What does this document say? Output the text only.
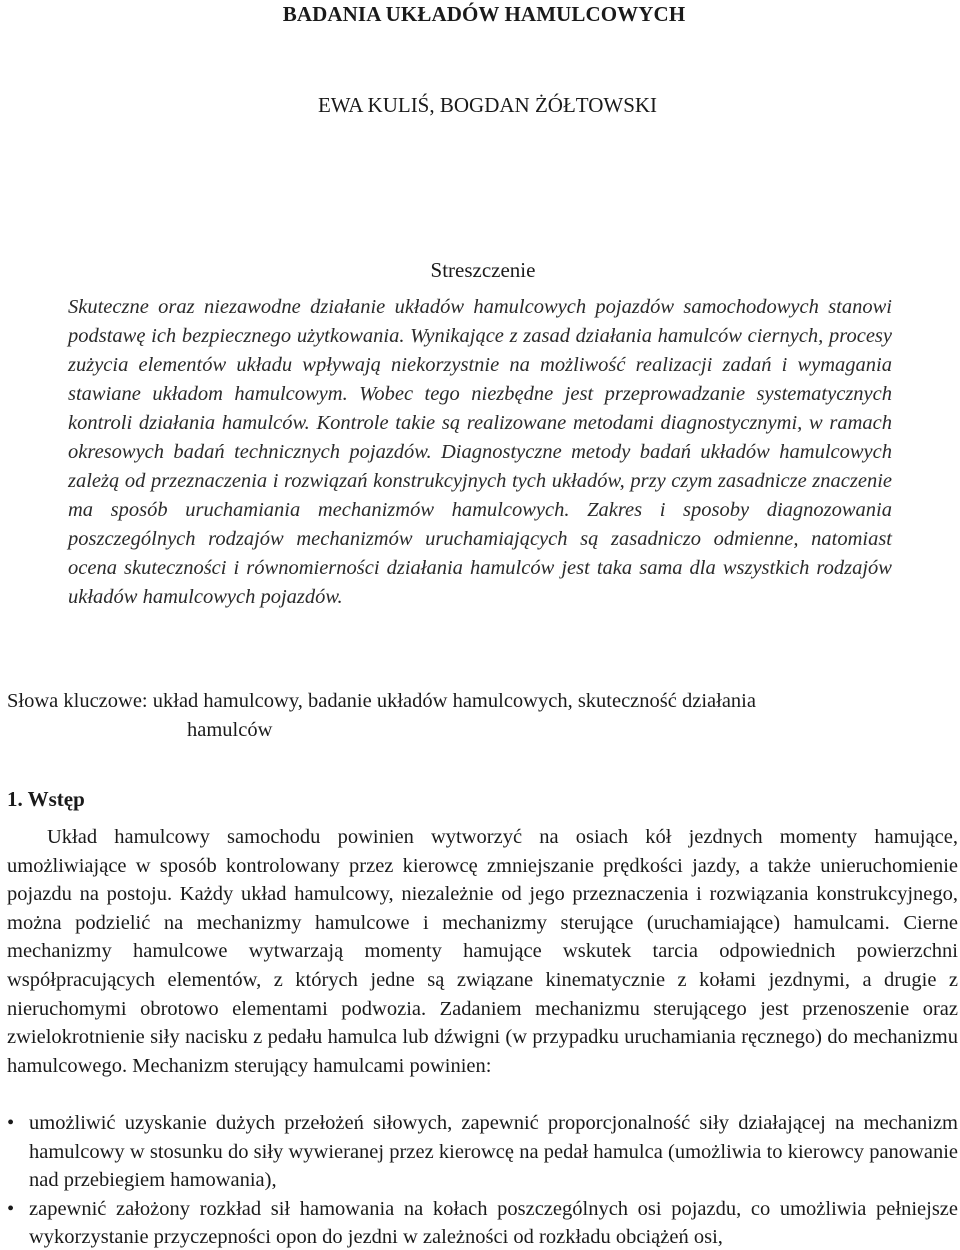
BADANIA UKŁADÓW HAMULCOWYCH

EWA KULIŚ, BOGDAN ŻÓŁTOWSKI

Streszczenie

Skuteczne oraz niezawodne działanie układów hamulcowych pojazdów samochodowych stanowi podstawę ich bezpiecznego użytkowania. Wynikające z zasad działania hamulców ciernych, procesy zużycia elementów układu wpływają niekorzystnie na możliwość realizacji zadań i wymagania stawiane układom hamulcowym. Wobec tego niezbędne jest przeprowadzanie systematycznych kontroli działania hamulców. Kontrole takie są realizowane metodami diagnostycznymi, w ramach okresowych badań technicznych pojazdów. Diagnostyczne metody badań układów hamulcowych zależą od przeznaczenia i rozwiązań konstrukcyjnych tych układów, przy czym zasadnicze znaczenie ma sposób uruchamiania mechanizmów hamulcowych. Zakres i sposoby diagnozowania poszczególnych rodzajów mechanizmów uruchamiających są zasadniczo odmienne, natomiast ocena skuteczności i równomierności działania hamulców jest taka sama dla wszystkich rodzajów układów hamulcowych pojazdów.

Słowa kluczowe: układ hamulcowy, badanie układów hamulcowych, skuteczność działania
hamulców

1. Wstęp

Układ hamulcowy samochodu powinien wytworzyć na osiach kół jezdnych momenty hamujące, umożliwiające w sposób kontrolowany przez kierowcę zmniejszanie prędkości jazdy, a także unieruchomienie pojazdu na postoju. Każdy układ hamulcowy, niezależnie od jego przeznaczenia i rozwiązania konstrukcyjnego, można podzielić na mechanizmy hamulcowe i mechanizmy sterujące (uruchamiające) hamulcami. Cierne mechanizmy hamulcowe wytwarzają momenty hamujące wskutek tarcia odpowiednich powierzchni współpracujących elementów, z których jedne są związane kinematycznie z kołami jezdnymi, a drugie z nieruchomymi obrotowo elementami podwozia. Zadaniem mechanizmu sterującego jest przenoszenie oraz zwielokrotnienie siły nacisku z pedału hamulca lub dźwigni (w przypadku uruchamiania ręcznego) do mechanizmu hamulcowego. Mechanizm sterujący hamulcami powinien:

• umożliwić uzyskanie dużych przełożeń siłowych, zapewnić proporcjonalność siły działającej na mechanizm hamulcowy w stosunku do siły wywieranej przez kierowcę na pedał hamulca (umożliwia to kierowcy panowanie nad przebiegiem hamowania),
• zapewnić założony rozkład sił hamowania na kołach poszczególnych osi pojazdu, co umożliwia pełniejsze wykorzystanie przyczepności opon do jezdni w zależności od rozkładu obciążeń osi,
